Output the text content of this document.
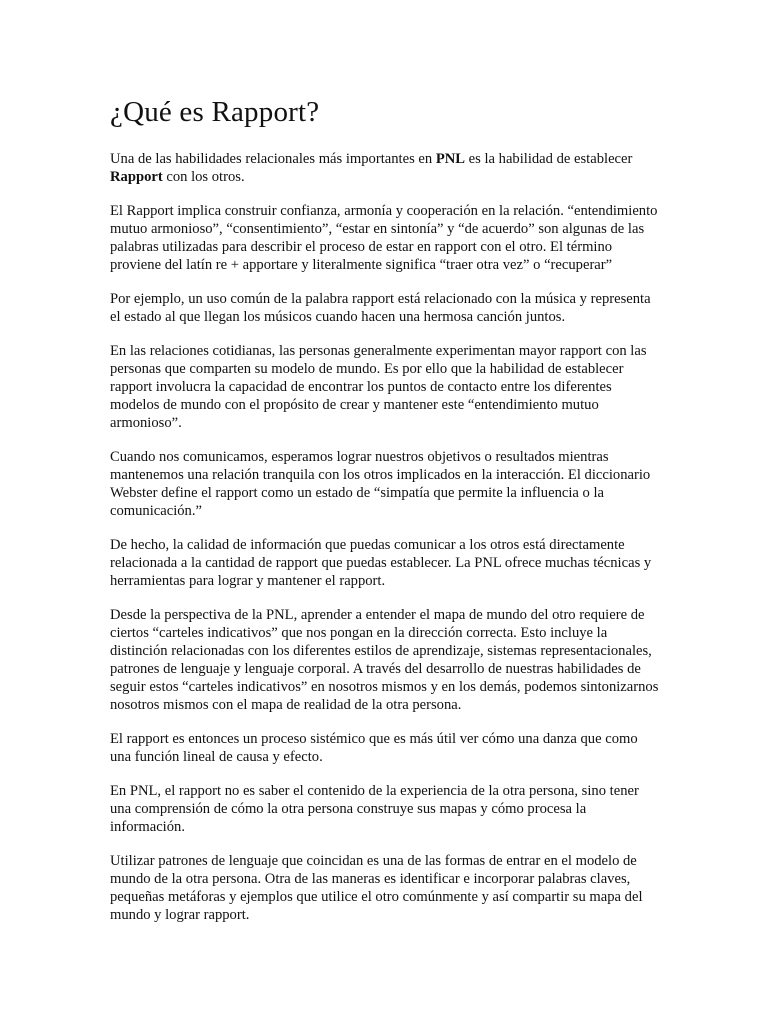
¿Qué es Rapport?

Una de las habilidades relacionales más importantes en PNL es la habilidad de establecer Rapport con los otros.

El Rapport implica construir confianza, armonía y cooperación en la relación. “entendimiento mutuo armonioso”, “consentimiento”, “estar en sintonía” y “de acuerdo” son algunas de las palabras utilizadas para describir el proceso de estar en rapport con el otro. El término proviene del latín re + apportare y literalmente significa “traer otra vez” o “recuperar”

Por ejemplo, un uso común de la palabra rapport está relacionado con la música y representa el estado al que llegan los músicos cuando hacen una hermosa canción juntos.

En las relaciones cotidianas, las personas generalmente experimentan mayor rapport con las personas que comparten su modelo de mundo. Es por ello que la habilidad de establecer rapport involucra la capacidad de encontrar los puntos de contacto entre los diferentes modelos de mundo con el propósito de crear y mantener este “entendimiento mutuo armonioso”.

Cuando nos comunicamos, esperamos lograr nuestros objetivos o resultados mientras mantenemos una relación tranquila con los otros implicados en la interacción. El diccionario Webster define el rapport como un estado de “simpatía que permite la influencia o la comunicación.”

De hecho, la calidad de información que puedas comunicar a los otros está directamente relacionada a la cantidad de rapport que puedas establecer. La PNL ofrece muchas técnicas y herramientas para lograr y mantener el rapport.

Desde la perspectiva de la PNL, aprender a entender el mapa de mundo del otro requiere de ciertos “carteles indicativos” que nos pongan en la dirección correcta. Esto incluye la distinción relacionadas con los diferentes estilos de aprendizaje, sistemas representacionales, patrones de lenguaje y lenguaje corporal. A través del desarrollo de nuestras habilidades de seguir estos “carteles indicativos” en nosotros mismos y en los demás, podemos sintonizarnos nosotros mismos con el mapa de realidad de la otra persona.

El rapport es entonces un proceso sistémico que es más útil ver cómo una danza que como una función lineal de causa y efecto.

En PNL, el rapport no es saber el contenido de la experiencia de la otra persona, sino tener una comprensión de cómo la otra persona construye sus mapas y cómo procesa la información.

Utilizar patrones de lenguaje que coincidan es una de las formas de entrar en el modelo de mundo de la otra persona. Otra de las maneras es identificar e incorporar palabras claves, pequeñas metáforas y ejemplos que utilice el otro comúnmente y así compartir su mapa del mundo y lograr rapport.
